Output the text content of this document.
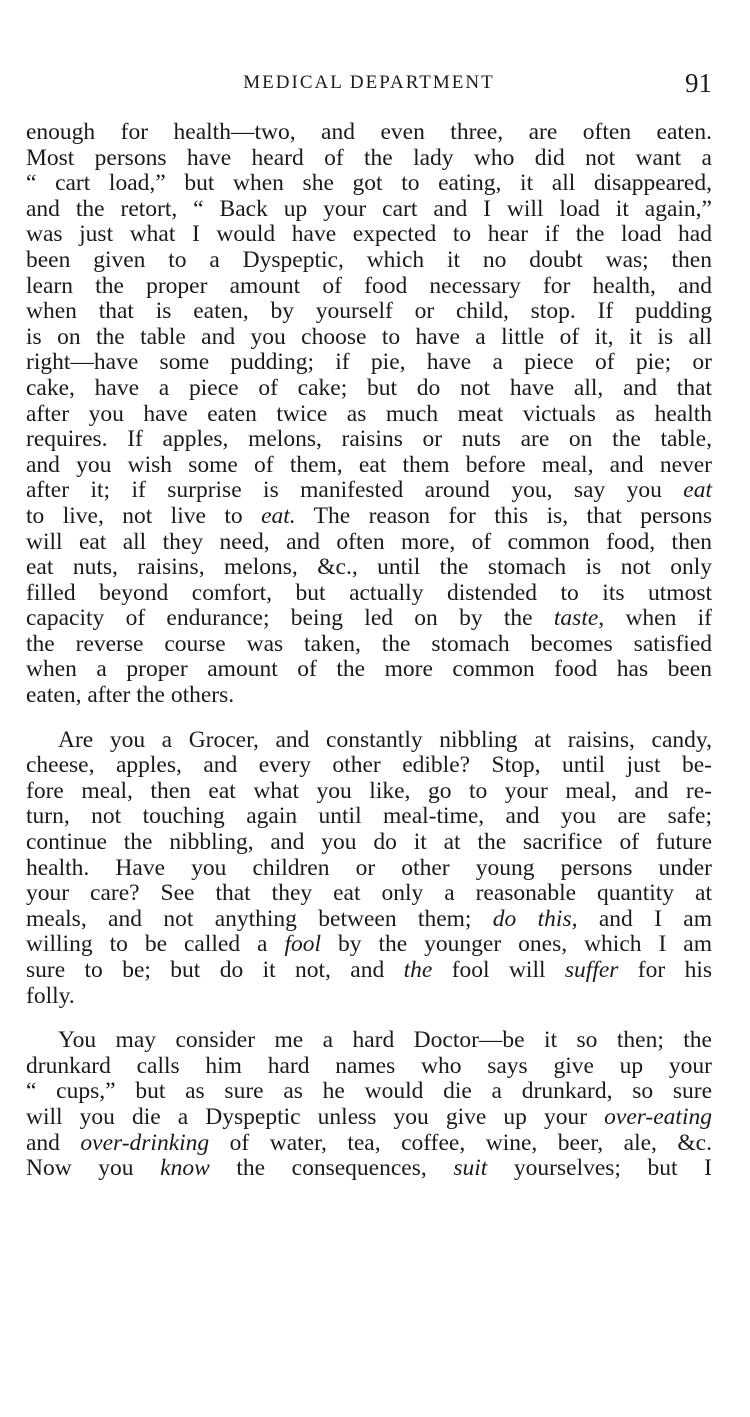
MEDICAL DEPARTMENT	91

enough for health—two, and even three, are often eaten.
Most persons have heard of the lady who did not want a
“ cart load,” but when she got to eating, it all disappeared,
and the retort, “ Back up your cart and I will load it again,”
was just what I would have expected to hear if the load had
been given to a Dyspeptic, which it no doubt was; then
learn the proper amount of food necessary for health, and
when that is eaten, by yourself or child, stop. If pudding
is on the table and you choose to have a little of it, it is all
right—have some pudding; if pie, have a piece of pie; or
cake, have a piece of cake; but do not have all, and that
after you have eaten twice as much meat victuals as health
requires. If apples, melons, raisins or nuts are on the table,
and you wish some of them, eat them before meal, and never
after it; if surprise is manifested around you, say you eat
to live, not live to eat. The reason for this is, that persons
will eat all they need, and often more, of common food, then
eat nuts, raisins, melons, &c., until the stomach is not only
filled beyond comfort, but actually distended to its utmost
capacity of endurance; being led on by the taste, when if
the reverse course was taken, the stomach becomes satisfied
when a proper amount of the more common food has been
eaten, after the others.

Are you a Grocer, and constantly nibbling at raisins, candy,
cheese, apples, and every other edible? Stop, until just be-
fore meal, then eat what you like, go to your meal, and re-
turn, not touching again until meal-time, and you are safe;
continue the nibbling, and you do it at the sacrifice of future
health. Have you children or other young persons under
your care? See that they eat only a reasonable quantity at
meals, and not anything between them; do this, and I am
willing to be called a fool by the younger ones, which I am
sure to be; but do it not, and the fool will suffer for his
folly.

You may consider me a hard Doctor—be it so then; the
drunkard calls him hard names who says give up your
“ cups,” but as sure as he would die a drunkard, so sure
will you die a Dyspeptic unless you give up your over-eating
and over-drinking of water, tea, coffee, wine, beer, ale, &c.
Now you know the consequences, suit yourselves; but I
